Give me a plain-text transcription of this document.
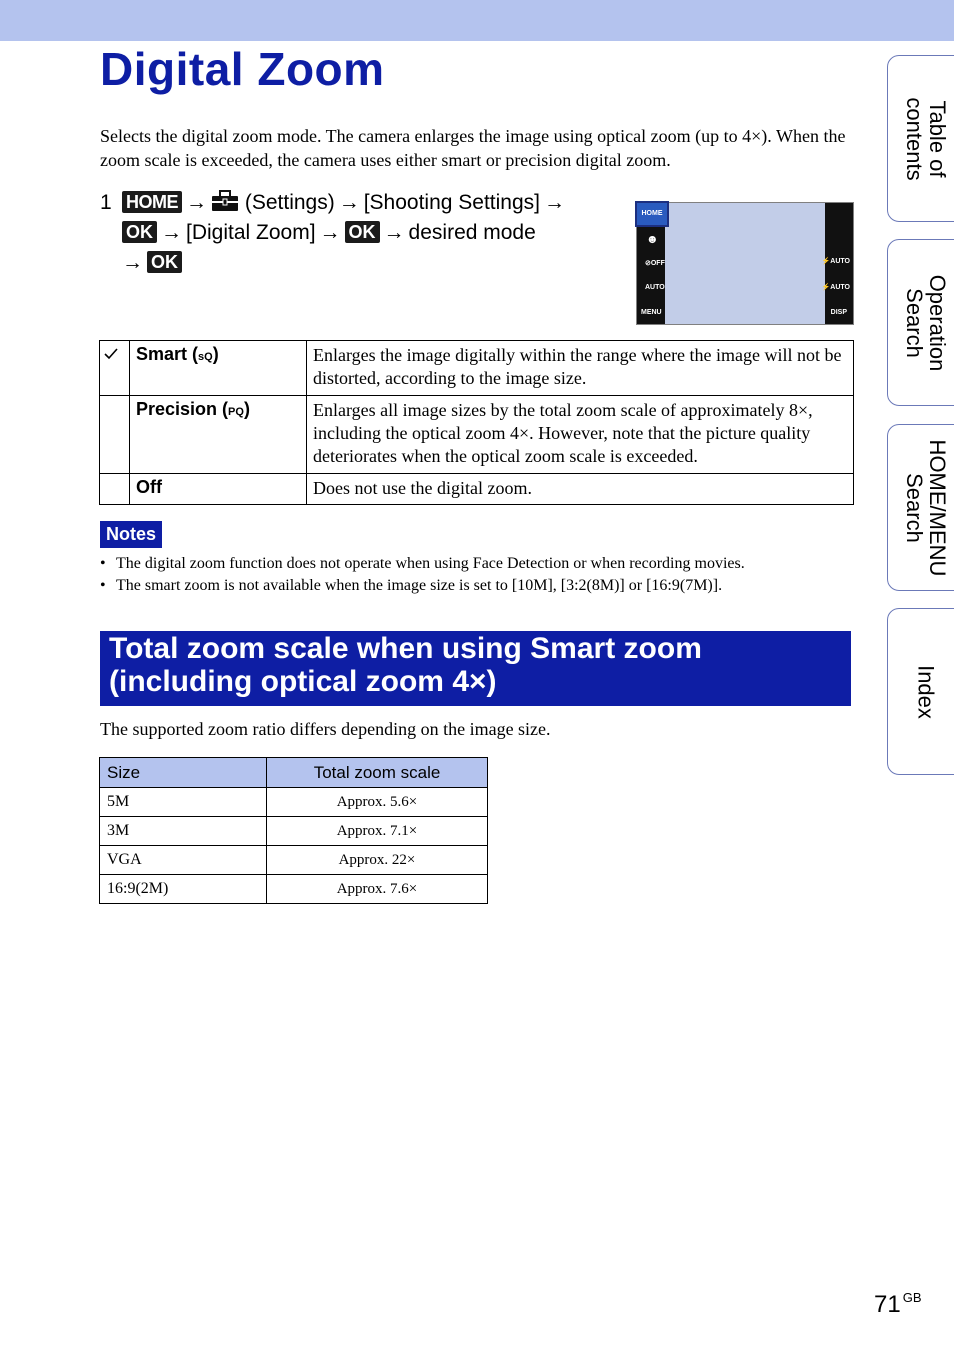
Digital Zoom
Selects the digital zoom mode. The camera enlarges the image using optical zoom (up to 4×). When the zoom scale is exceeded, the camera uses either smart or precision digital zoom.
1 HOME → (Settings) → [Shooting Settings] →
OK → [Digital Zoom] → OK → desired mode
→ OK
HOME
☻
⊘OFF
AUTO
MENU
⚡AUTO
⚡AUTO
DISP
	Smart (sQ)	Enlarges the image digitally within the range where the image will not be distorted, according to the image size.
	Precision (PQ)	Enlarges all image sizes by the total zoom scale of approximately 8×, including the optical zoom 4×. However, note that the picture quality deteriorates when the optical zoom scale is exceeded.
	Off	Does not use the digital zoom.
Notes
• The digital zoom function does not operate when using Face Detection or when recording movies.
• The smart zoom is not available when the image size is set to [10M], [3:2(8M)] or [16:9(7M)].
Total zoom scale when using Smart zoom
(including optical zoom 4×)
The supported zoom ratio differs depending on the image size.
Size	Total zoom scale
5M	Approx. 5.6×
3M	Approx. 7.1×
VGA	Approx. 22×
16:9(2M)	Approx. 7.6×
Table of
contents
Operation
Search
HOME/MENU
Search
Index
71 $^{GB}$
